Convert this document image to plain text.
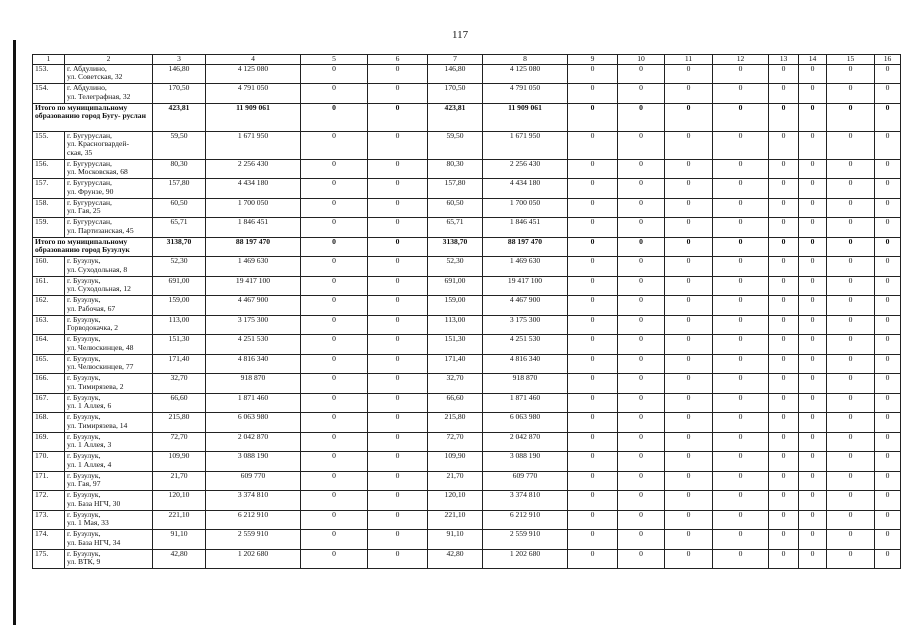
117
1	2	3	4	5	6	7	8	9	10	11	12	13	14	15	16
153.	г. Абдулино,
ул. Советская, 32	146,80	4 125 080	0	0	146,80	4 125 080	0	0	0	0	0	0	0	0
154.	г. Абдулино,
ул. Телеграфная, 32	170,50	4 791 050	0	0	170,50	4 791 050	0	0	0	0	0	0	0	0
Итого по муниципальному образованию город Бугу- руслан		423,81	11 909 061	0	0	423,81	11 909 061	0	0	0	0	0	0	0	0
155.	г. Бугуруслан,
ул. Красногвардей-
ская, 35	59,50	1 671 950	0	0	59,50	1 671 950	0	0	0	0	0	0	0	0
156.	г. Бугуруслан,
ул. Московская, 68	80,30	2 256 430	0	0	80,30	2 256 430	0	0	0	0	0	0	0	0
157.	г. Бугуруслан,
ул. Фрунзе, 90	157,80	4 434 180	0	0	157,80	4 434 180	0	0	0	0	0	0	0	0
158.	г. Бугуруслан,
ул. Гая, 25	60,50	1 700 050	0	0	60,50	1 700 050	0	0	0	0	0	0	0	0
159.	г. Бугуруслан,
ул. Партизанская, 45	65,71	1 846 451	0	0	65,71	1 846 451	0	0	0	0	0	0	0	0
Итого по муниципальному образованию город Бузулук		3138,70	88 197 470	0	0	3138,70	88 197 470	0	0	0	0	0	0	0	0
160.	г. Бузулук,
ул. Суходольная, 8	52,30	1 469 630	0	0	52,30	1 469 630	0	0	0	0	0	0	0	0
161.	г. Бузулук,
ул. Суходольная, 12	691,00	19 417 100	0	0	691,00	19 417 100	0	0	0	0	0	0	0	0
162.	г. Бузулук,
ул. Рабочая, 67	159,00	4 467 900	0	0	159,00	4 467 900	0	0	0	0	0	0	0	0
163.	г. Бузулук,
Горводокачка, 2	113,00	3 175 300	0	0	113,00	3 175 300	0	0	0	0	0	0	0	0
164.	г. Бузулук,
ул. Челюскинцев, 48	151,30	4 251 530	0	0	151,30	4 251 530	0	0	0	0	0	0	0	0
165.	г. Бузулук,
ул. Челюскинцев, 77	171,40	4 816 340	0	0	171,40	4 816 340	0	0	0	0	0	0	0	0
166.	г. Бузулук,
ул. Тимирязева, 2	32,70	918 870	0	0	32,70	918 870	0	0	0	0	0	0	0	0
167.	г. Бузулук,
ул. 1 Аллея, 6	66,60	1 871 460	0	0	66,60	1 871 460	0	0	0	0	0	0	0	0
168.	г. Бузулук,
ул. Тимирязева, 14	215,80	6 063 980	0	0	215,80	6 063 980	0	0	0	0	0	0	0	0
169.	г. Бузулук,
ул. 1 Аллея, 3	72,70	2 042 870	0	0	72,70	2 042 870	0	0	0	0	0	0	0	0
170.	г. Бузулук,
ул. 1 Аллея, 4	109,90	3 088 190	0	0	109,90	3 088 190	0	0	0	0	0	0	0	0
171.	г. Бузулук,
ул. Гая, 97	21,70	609 770	0	0	21,70	609 770	0	0	0	0	0	0	0	0
172.	г. Бузулук,
ул. База НГЧ, 30	120,10	3 374 810	0	0	120,10	3 374 810	0	0	0	0	0	0	0	0
173.	г. Бузулук,
ул. 1 Мая, 33	221,10	6 212 910	0	0	221,10	6 212 910	0	0	0	0	0	0	0	0
174.	г. Бузулук,
ул. База НГЧ, 34	91,10	2 559 910	0	0	91,10	2 559 910	0	0	0	0	0	0	0	0
175.	г. Бузулук,
ул. ВТК, 9	42,80	1 202 680	0	0	42,80	1 202 680	0	0	0	0	0	0	0	0
